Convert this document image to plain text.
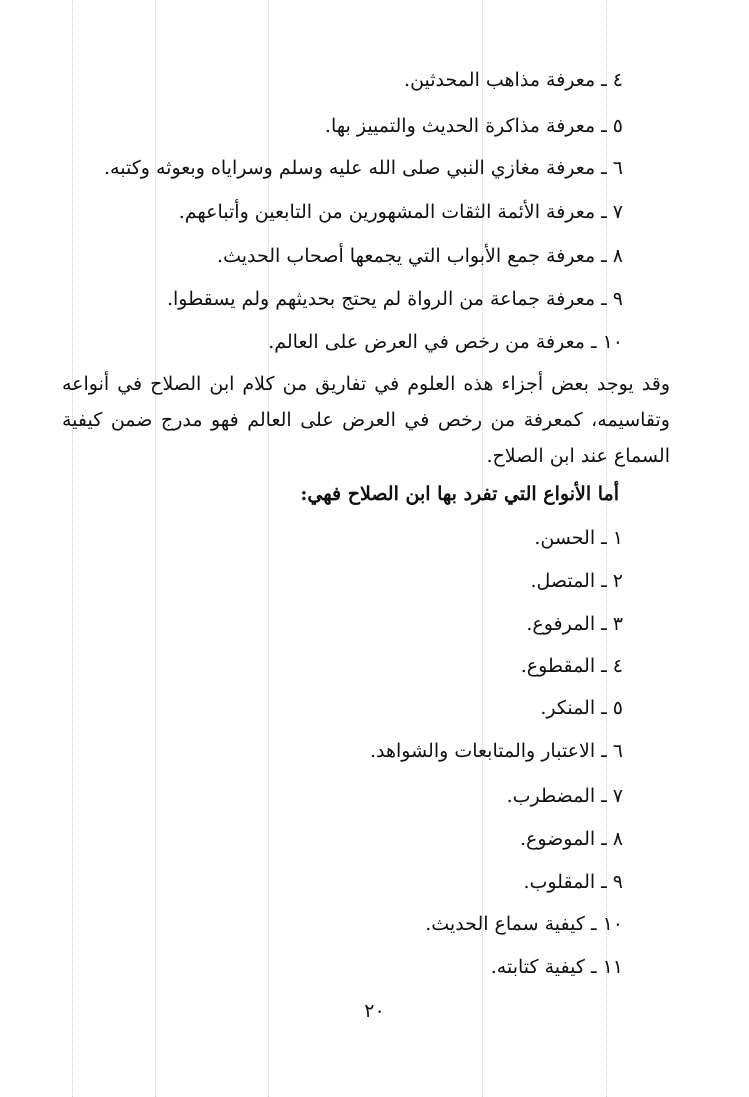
٤ ـ معرفة مذاهب المحدثين.
٥ ـ معرفة مذاكرة الحديث والتمييز بها.
٦ ـ معرفة مغازي النبي صلى الله عليه وسلم وسراياه وبعوثه وكتبه.
٧ ـ معرفة الأئمة الثقات المشهورين من التابعين وأتباعهم.
٨ ـ معرفة جمع الأبواب التي يجمعها أصحاب الحديث.
٩ ـ معرفة جماعة من الرواة لم يحتج بحديثهم ولم يسقطوا.
١٠ ـ معرفة من رخص في العرض على العالم.
وقد يوجد بعض أجزاء هذه العلوم في تفاريق من كلام ابن الصلاح في أنواعه وتقاسيمه، كمعرفة من رخص في العرض على العالم فهو مدرج ضمن كيفية السماع عند ابن الصلاح.
أما الأنواع التي تفرد بها ابن الصلاح فهي:
١ ـ الحسن.
٢ ـ المتصل.
٣ ـ المرفوع.
٤ ـ المقطوع.
٥ ـ المنكر.
٦ ـ الاعتبار والمتابعات والشواهد.
٧ ـ المضطرب.
٨ ـ الموضوع.
٩ ـ المقلوب.
١٠ ـ كيفية سماع الحديث.
١١ ـ كيفية كتابته.
٢٠
